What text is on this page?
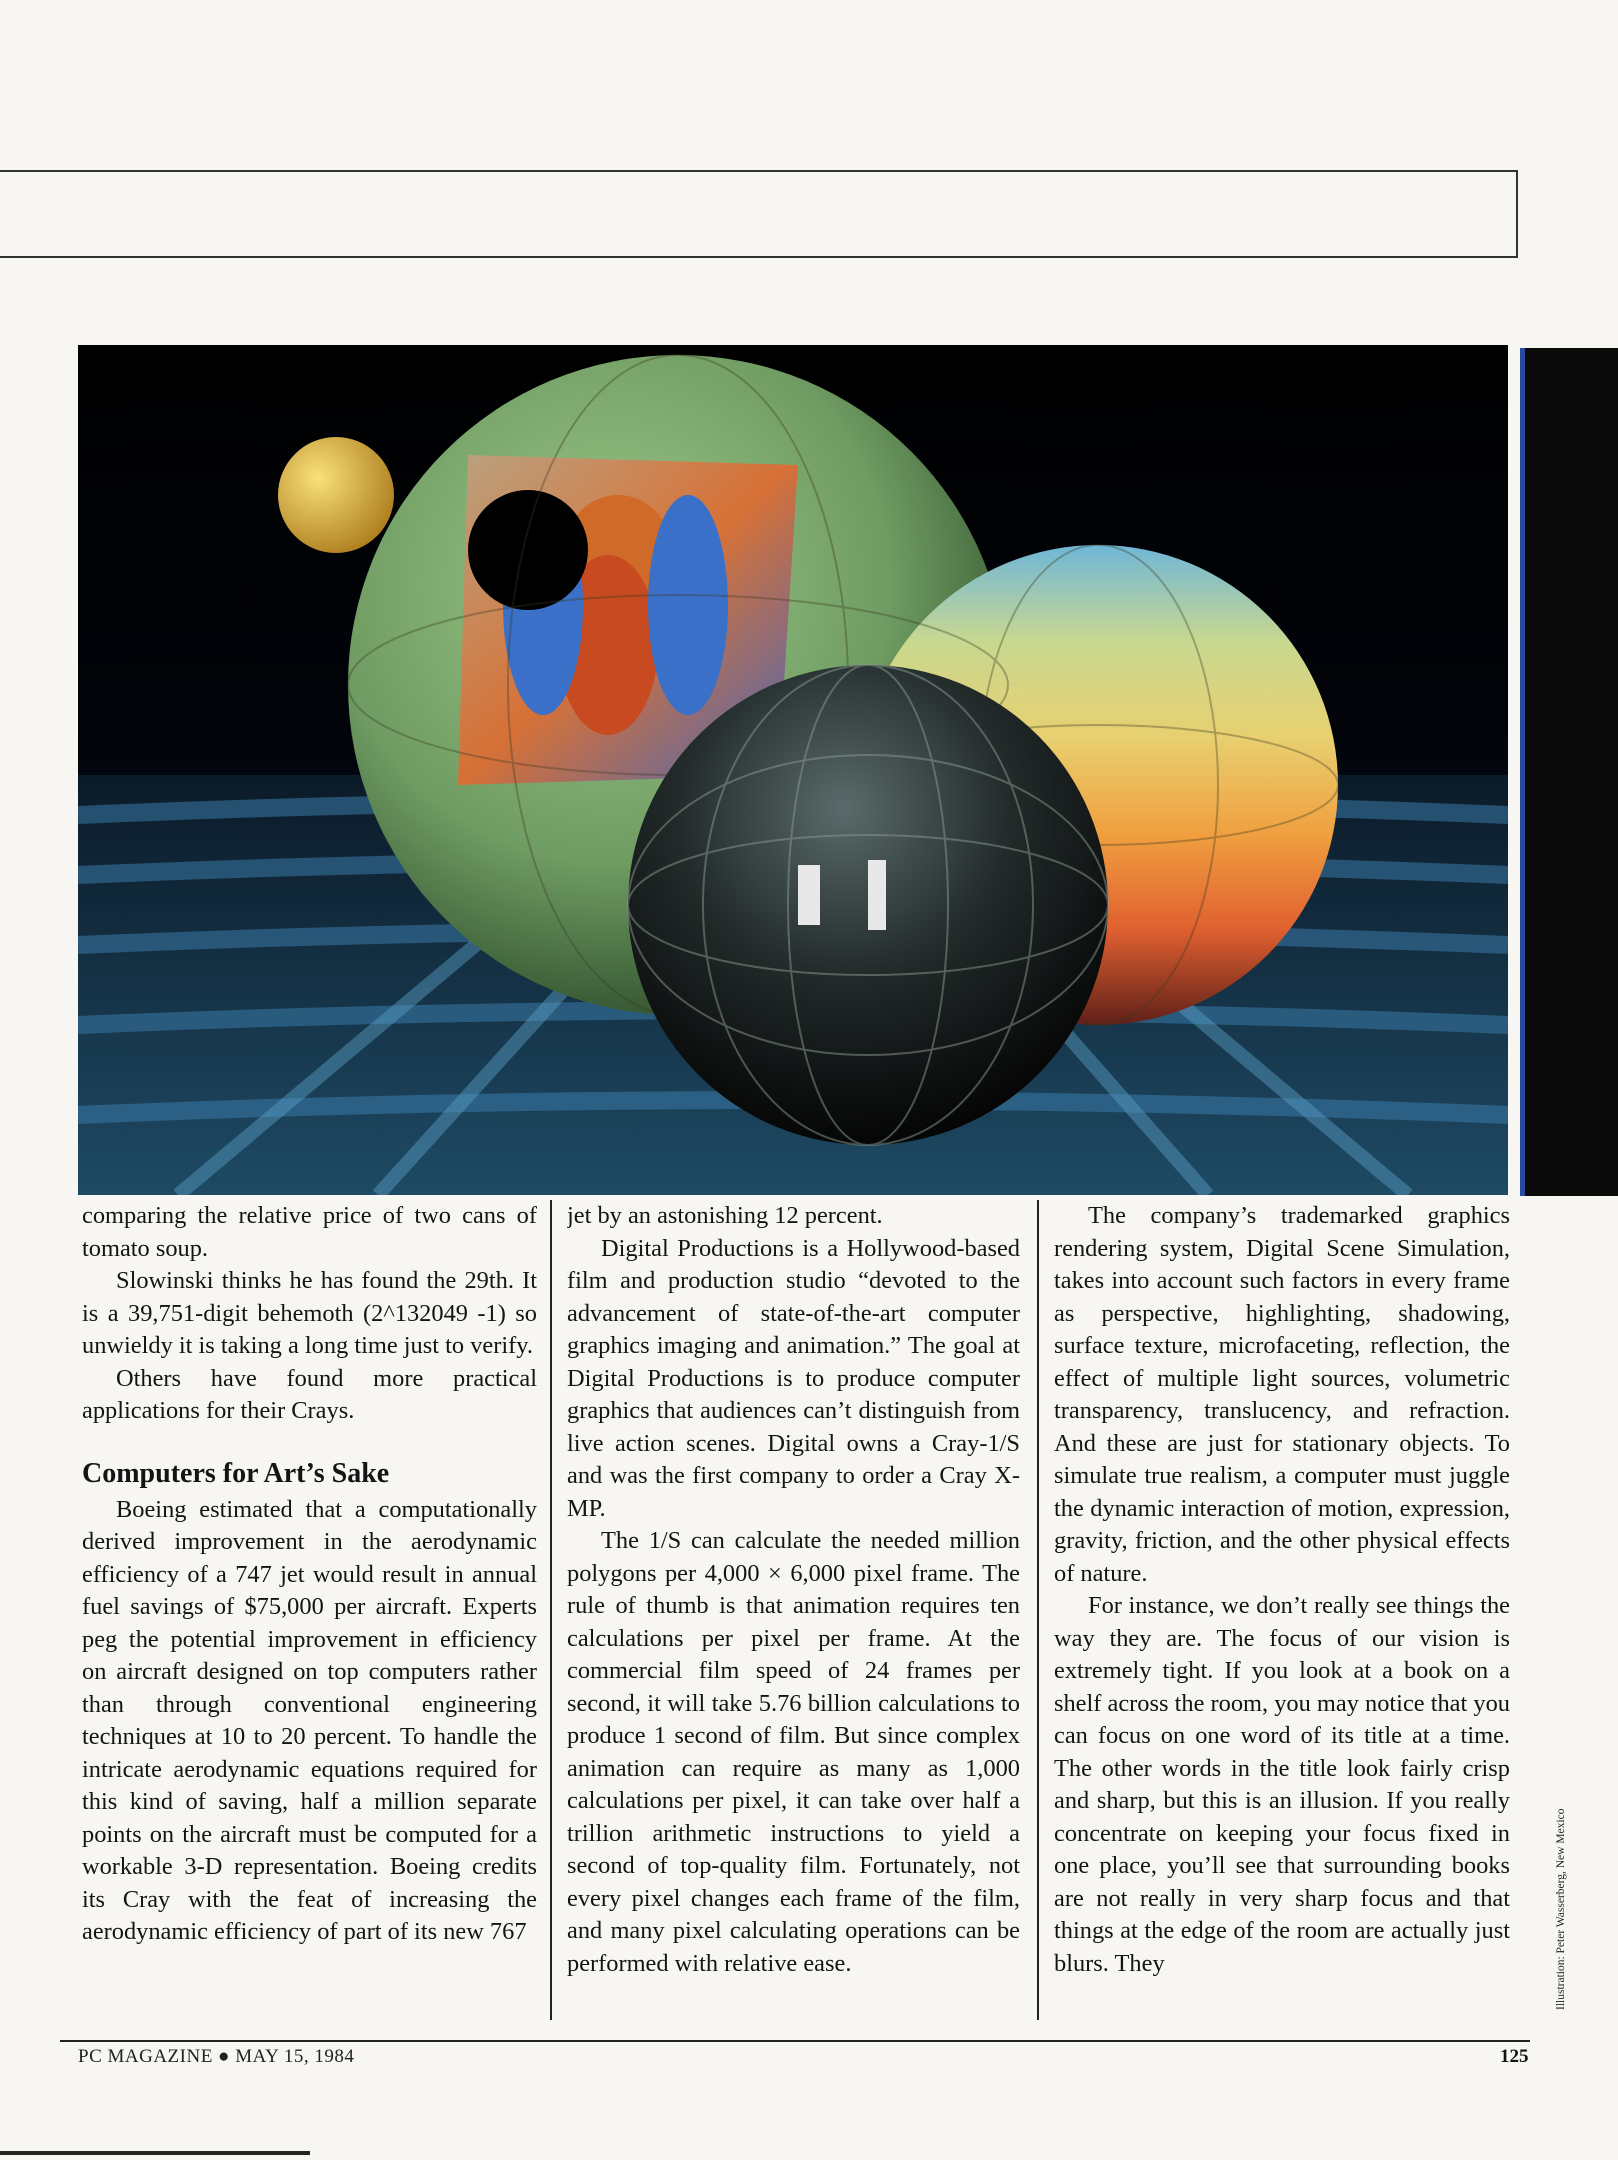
comparing the relative price of two cans of tomato soup.

Slowinski thinks he has found the 29th. It is a 39,751-digit behemoth (2^132049 -1) so unwieldy it is taking a long time just to verify.

Others have found more practical applications for their Crays.

Computers for Art’s Sake

Boeing estimated that a computationally derived improvement in the aerodynamic efficiency of a 747 jet would result in annual fuel savings of $75,000 per aircraft. Experts peg the potential improvement in efficiency on aircraft designed on top computers rather than through conventional engineering techniques at 10 to 20 percent. To handle the intricate aerodynamic equations required for this kind of saving, half a million separate points on the aircraft must be computed for a workable 3-D representation. Boeing credits its Cray with the feat of increasing the aerodynamic efficiency of part of its new 767

jet by an astonishing 12 percent.

Digital Productions is a Hollywood-based film and production studio “devoted to the advancement of state-of-the-art computer graphics imaging and animation.” The goal at Digital Productions is to produce computer graphics that audiences can’t distinguish from live action scenes. Digital owns a Cray-1/S and was the first company to order a Cray X-MP.

The 1/S can calculate the needed million polygons per 4,000 × 6,000 pixel frame. The rule of thumb is that animation requires ten calculations per pixel per frame. At the commercial film speed of 24 frames per second, it will take 5.76 billion calculations to produce 1 second of film. But since complex animation can require as many as 1,000 calculations per pixel, it can take over half a trillion arithmetic instructions to yield a second of top-quality film. Fortunately, not every pixel changes each frame of the film, and many pixel calculating operations can be performed with relative ease.

The company’s trademarked graphics rendering system, Digital Scene Simulation, takes into account such factors in every frame as perspective, highlighting, shadowing, surface texture, microfaceting, reflection, the effect of multiple light sources, volumetric transparency, translucency, and refraction. And these are just for stationary objects. To simulate true realism, a computer must juggle the dynamic interaction of motion, expression, gravity, friction, and the other physical effects of nature.

For instance, we don’t really see things the way they are. The focus of our vision is extremely tight. If you look at a book on a shelf across the room, you may notice that you can focus on one word of its title at a time. The other words in the title look fairly crisp and sharp, but this is an illusion. If you really concentrate on keeping your focus fixed in one place, you’ll see that surrounding books are not really in very sharp focus and that things at the edge of the room are actually just blurs. They

PC MAGAZINE ● MAY 15, 1984	125
Illustration: Peter Wasserberg, New Mexico
